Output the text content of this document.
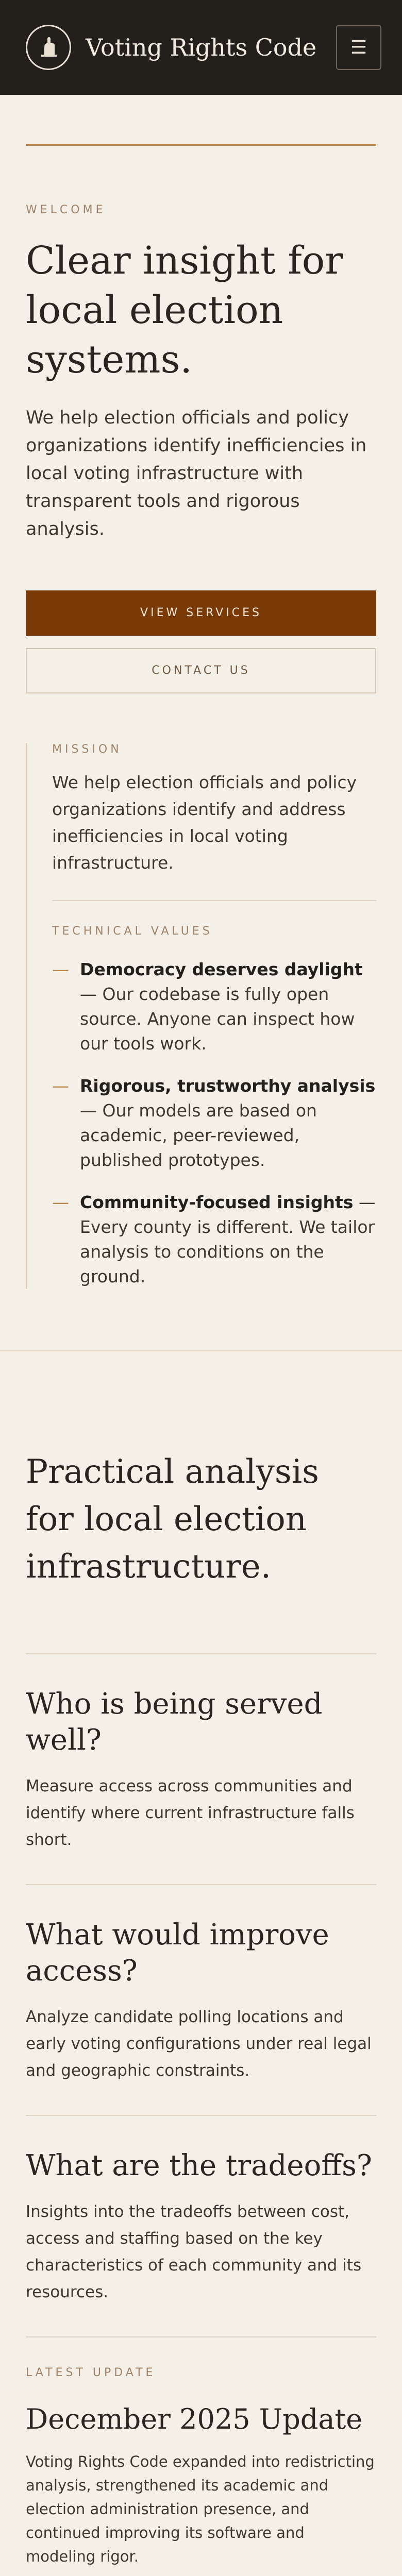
Voting Rights Code ☰
WELCOME
Clear insight for local election systems.

We help election officials and policy organizations identify inefficiencies in local voting infrastructure with transparent tools and rigorous analysis.

VIEW SERVICES
CONTACT US
MISSION

We help election officials and policy organizations identify and address inefficiencies in local voting infrastructure.

TECHNICAL VALUES
— Democracy deserves daylight — Our codebase is fully open source. Anyone can inspect how our tools work.
— Rigorous, trustworthy analysis — Our models are based on academic, peer-reviewed, published prototypes.
— Community-focused insights — Every county is different. We tailor analysis to conditions on the ground.
Practical analysis for local election infrastructure.
Who is being served well?

Measure access across communities and identify where current infrastructure falls short.

What would improve access?

Analyze candidate polling locations and early voting configurations under real legal and geographic constraints.

What are the tradeoffs?

Insights into the tradeoffs between cost, access and staffing based on the key characteristics of each community and its resources.

LATEST UPDATE
December 2025 Update

Voting Rights Code expanded into redistricting analysis, strengthened its academic and election administration presence, and continued improving its software and modeling rigor.
